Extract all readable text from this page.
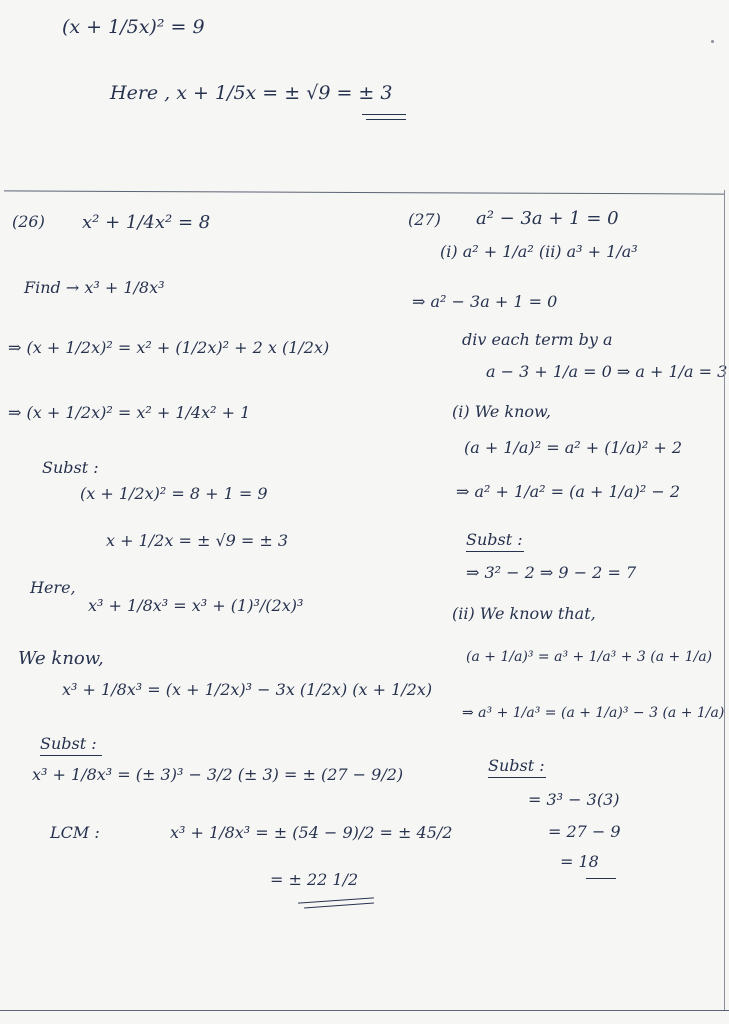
(x + 1/5x)² = 9
Here , x + 1/5x = ± √9 = ± 3
(26) x² + 1/4x² = 8
Find → x³ + 1/8x³
⇒ (x + 1/2x)² = x² + (1/2x)² + 2 x (1/2x)
⇒ (x + 1/2x)² = x² + 1/4x² + 1
Subst :
(x + 1/2x)² = 8 + 1 = 9
x + 1/2x = ± √9 = ± 3
Here,
x³ + 1/8x³ = x³ + (1)³/(2x)³
We know,
x³ + 1/8x³ = (x + 1/2x)³ − 3x (1/2x) (x + 1/2x)
Subst :
x³ + 1/8x³ = (± 3)³ − 3/2 (± 3) = ± (27 − 9/2)
LCM :	x³ + 1/8x³ = ± (54 − 9)/2 = ± 45/2
= ± 22 1/2
(27) a² − 3a + 1 = 0
(i) a² + 1/a² (ii) a³ + 1/a³
⇒ a² − 3a + 1 = 0
div each term by a
a − 3 + 1/a = 0 ⇒ a + 1/a = 3
(i) We know,
(a + 1/a)² = a² + (1/a)² + 2
⇒ a² + 1/a² = (a + 1/a)² − 2
Subst :
⇒ 3² − 2 ⇒ 9 − 2 = 7
(ii) We know that,
(a + 1/a)³ = a³ + 1/a³ + 3 (a + 1/a)
⇒ a³ + 1/a³ = (a + 1/a)³ − 3 (a + 1/a)
Subst :
= 3³ − 3(3)
= 27 − 9
= 18
